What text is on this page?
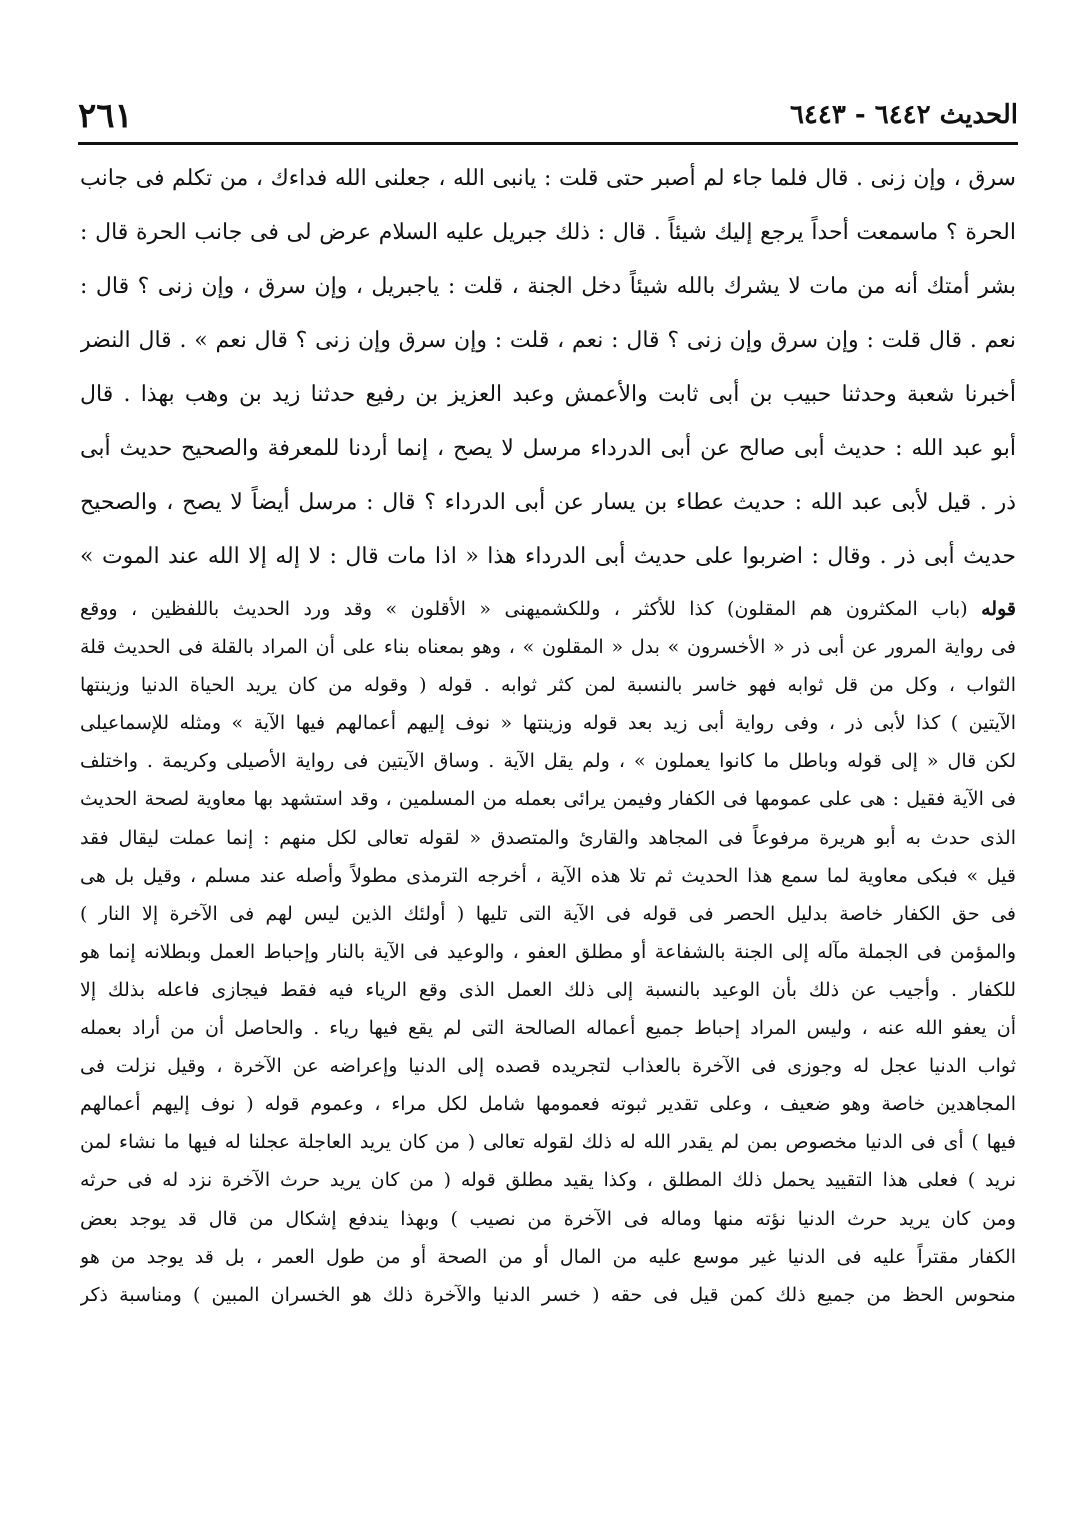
الحديث ٦٤٤٢ - ٦٤٤٣
٢٦١
سرق ، وإن زنى . قال فلما جاء لم أصبر حتى قلت : يانبى الله ، جعلنى الله فداءك ، من تكلم فى جانب
الحرة ؟ ماسمعت أحداً يرجع إليك شيئاً . قال : ذلك جبريل عليه السلام عرض لى فى جانب الحرة قال :
بشر أمتك أنه من مات لا يشرك بالله شيئاً دخل الجنة ، قلت : ياجبريل ، وإن سرق ، وإن زنى ؟ قال :
نعم . قال قلت : وإن سرق وإن زنى ؟ قال : نعم ، قلت : وإن سرق وإن زنى ؟ قال نعم » . قال النضر
أخبرنا شعبة وحدثنا حبيب بن أبى ثابت والأعمش وعبد العزيز بن رفيع حدثنا زيد بن وهب بهذا . قال
أبو عبد الله : حديث أبى صالح عن أبى الدرداء مرسل لا يصح ، إنما أردنا للمعرفة والصحيح حديث أبى
ذر . قيل لأبى عبد الله : حديث عطاء بن يسار عن أبى الدرداء ؟ قال : مرسل أيضاً لا يصح ، والصحيح
حديث أبى ذر . وقال : اضربوا على حديث أبى الدرداء هذا « اذا مات قال : لا إله إلا الله عند الموت »
قوله (باب المكثرون هم المقلون) كذا للأكثر ، وللكشميهنى « الأقلون » وقد ورد الحديث باللفظين ، ووقع
فى رواية المرور عن أبى ذر « الأخسرون » بدل « المقلون » ، وهو بمعناه بناء على أن المراد بالقلة فى الحديث قلة
الثواب ، وكل من قل ثوابه فهو خاسر بالنسبة لمن كثر ثوابه . قوله ( وقوله من كان يريد الحياة الدنيا وزينتها
الآيتين ) كذا لأبى ذر ، وفى رواية أبى زيد بعد قوله وزينتها « نوف إليهم أعمالهم فيها الآية » ومثله للإسماعيلى
لكن قال « إلى قوله وباطل ما كانوا يعملون » ، ولم يقل الآية . وساق الآيتين فى رواية الأصيلى وكريمة . واختلف
فى الآية فقيل : هى على عمومها فى الكفار وفيمن يرائى بعمله من المسلمين ، وقد استشهد بها معاوية لصحة الحديث
الذى حدث به أبو هريرة مرفوعاً فى المجاهد والقارئ والمتصدق « لقوله تعالى لكل منهم : إنما عملت ليقال فقد
قيل » فبكى معاوية لما سمع هذا الحديث ثم تلا هذه الآية ، أخرجه الترمذى مطولاً وأصله عند مسلم ، وقيل بل هى
فى حق الكفار خاصة بدليل الحصر فى قوله فى الآية التى تليها ( أولئك الذين ليس لهم فى الآخرة إلا النار )
والمؤمن فى الجملة مآله إلى الجنة بالشفاعة أو مطلق العفو ، والوعيد فى الآية بالنار وإحباط العمل وبطلانه إنما هو
للكفار . وأجيب عن ذلك بأن الوعيد بالنسبة إلى ذلك العمل الذى وقع الرياء فيه فقط فيجازى فاعله بذلك إلا
أن يعفو الله عنه ، وليس المراد إحباط جميع أعماله الصالحة التى لم يقع فيها رياء . والحاصل أن من أراد بعمله
ثواب الدنيا عجل له وجوزى فى الآخرة بالعذاب لتجريده قصده إلى الدنيا وإعراضه عن الآخرة ، وقيل نزلت فى
المجاهدين خاصة وهو ضعيف ، وعلى تقدير ثبوته فعمومها شامل لكل مراء ، وعموم قوله ( نوف إليهم أعمالهم
فيها ) أى فى الدنيا مخصوص بمن لم يقدر الله له ذلك لقوله تعالى ( من كان يريد العاجلة عجلنا له فيها ما نشاء لمن
نريد ) فعلى هذا التقييد يحمل ذلك المطلق ، وكذا يقيد مطلق قوله ( من كان يريد حرث الآخرة نزد له فى حرثه
ومن كان يريد حرث الدنيا نؤته منها وماله فى الآخرة من نصيب ) وبهذا يندفع إشكال من قال قد يوجد بعض
الكفار مقتراً عليه فى الدنيا غير موسع عليه من المال أو من الصحة أو من طول العمر ، بل قد يوجد من هو
منحوس الحظ من جميع ذلك كمن قيل فى حقه ( خسر الدنيا والآخرة ذلك هو الخسران المبين ) ومناسبة ذكر
